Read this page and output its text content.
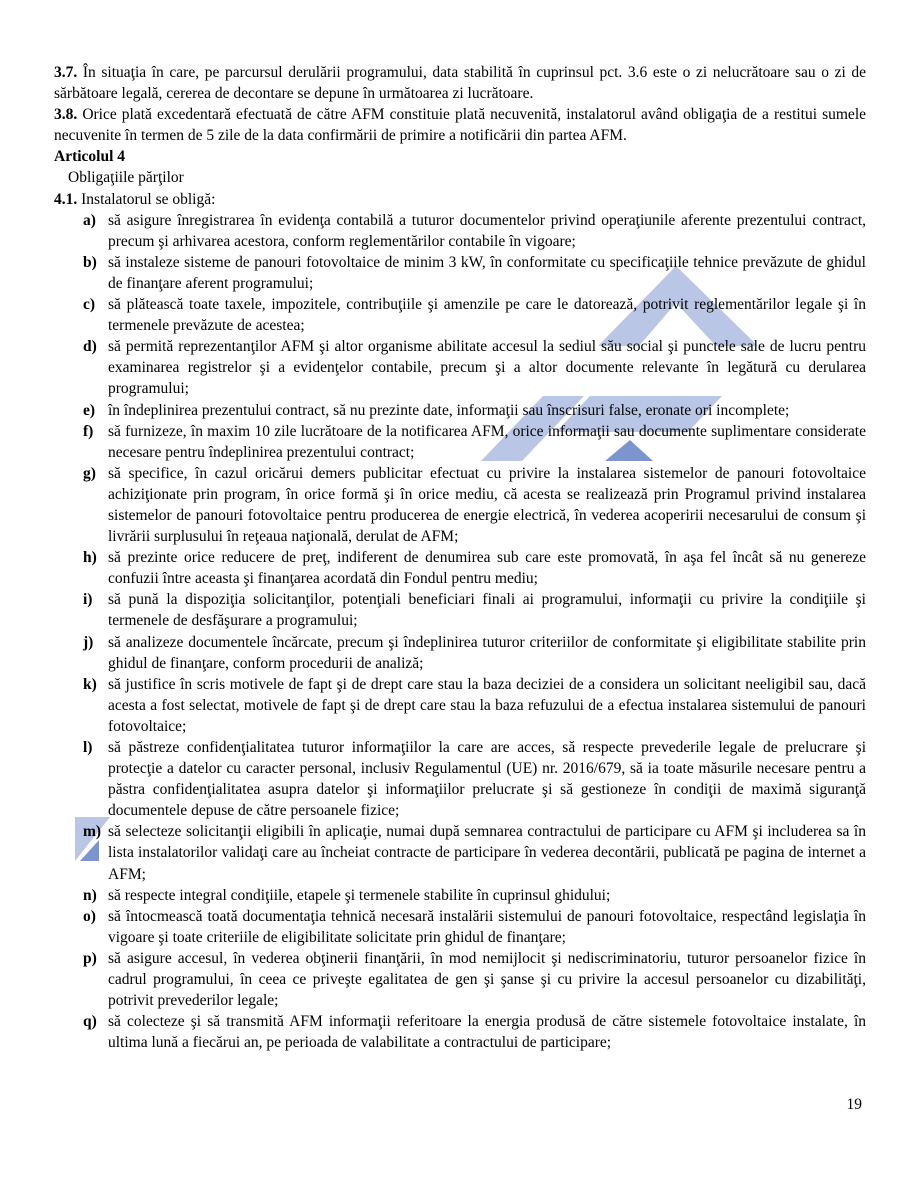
3.7. În situaţia în care, pe parcursul derulării programului, data stabilită în cuprinsul pct. 3.6 este o zi nelucrătoare sau o zi de sărbătoare legală, cererea de decontare se depune în următoarea zi lucrătoare.

3.8. Orice plată excedentară efectuată de către AFM constituie plată necuvenită, instalatorul având obligaţia de a restitui sumele necuvenite în termen de 5 zile de la data confirmării de primire a notificării din partea AFM.

Articolul 4

Obligaţiile părţilor

4.1. Instalatorul se obligă:

a) să asigure înregistrarea în evidenţa contabilă a tuturor documentelor privind operaţiunile aferente prezentului contract, precum şi arhivarea acestora, conform reglementărilor contabile în vigoare;
b) să instaleze sisteme de panouri fotovoltaice de minim 3 kW, în conformitate cu specificaţiile tehnice prevăzute de ghidul de finanţare aferent programului;
c) să plătească toate taxele, impozitele, contribuţiile şi amenzile pe care le datorează, potrivit reglementărilor legale şi în termenele prevăzute de acestea;
d) să permită reprezentanţilor AFM şi altor organisme abilitate accesul la sediul său social şi punctele sale de lucru pentru examinarea registrelor şi a evidenţelor contabile, precum şi a altor documente relevante în legătură cu derularea programului;
e) în îndeplinirea prezentului contract, să nu prezinte date, informaţii sau înscrisuri false, eronate ori incomplete;
f) să furnizeze, în maxim 10 zile lucrătoare de la notificarea AFM, orice informaţii sau documente suplimentare considerate necesare pentru îndeplinirea prezentului contract;
g) să specifice, în cazul oricărui demers publicitar efectuat cu privire la instalarea sistemelor de panouri fotovoltaice achiziţionate prin program, în orice formă şi în orice mediu, că acesta se realizează prin Programul privind instalarea sistemelor de panouri fotovoltaice pentru producerea de energie electrică, în vederea acoperirii necesarului de consum şi livrării surplusului în reţeaua naţională, derulat de AFM;
h) să prezinte orice reducere de preţ, indiferent de denumirea sub care este promovată, în aşa fel încât să nu genereze confuzii între aceasta şi finanţarea acordată din Fondul pentru mediu;
i) să pună la dispoziţia solicitanţilor, potenţiali beneficiari finali ai programului, informaţii cu privire la condiţiile şi termenele de desfăşurare a programului;
j) să analizeze documentele încărcate, precum şi îndeplinirea tuturor criteriilor de conformitate şi eligibilitate stabilite prin ghidul de finanţare, conform procedurii de analiză;
k) să justifice în scris motivele de fapt şi de drept care stau la baza deciziei de a considera un solicitant neeligibil sau, dacă acesta a fost selectat, motivele de fapt şi de drept care stau la baza refuzului de a efectua instalarea sistemului de panouri fotovoltaice;
l) să păstreze confidenţialitatea tuturor informaţiilor la care are acces, să respecte prevederile legale de prelucrare şi protecţie a datelor cu caracter personal, inclusiv Regulamentul (UE) nr. 2016/679, să ia toate măsurile necesare pentru a păstra confidenţialitatea asupra datelor şi informaţiilor prelucrate şi să gestioneze în condiţii de maximă siguranţă documentele depuse de către persoanele fizice;
m) să selecteze solicitanţii eligibili în aplicaţie, numai după semnarea contractului de participare cu AFM şi includerea sa în lista instalatorilor validaţi care au încheiat contracte de participare în vederea decontării, publicată pe pagina de internet a AFM;
n) să respecte integral condiţiile, etapele şi termenele stabilite în cuprinsul ghidului;
o) să întocmească toată documentaţia tehnică necesară instalării sistemului de panouri fotovoltaice, respectând legislaţia în vigoare şi toate criteriile de eligibilitate solicitate prin ghidul de finanţare;
p) să asigure accesul, în vederea obţinerii finanţării, în mod nemijlocit şi nediscriminatoriu, tuturor persoanelor fizice în cadrul programului, în ceea ce priveşte egalitatea de gen şi şanse şi cu privire la accesul persoanelor cu dizabilităţi, potrivit prevederilor legale;
q) să colecteze şi să transmită AFM informaţii referitoare la energia produsă de către sistemele fotovoltaice instalate, în ultima lună a fiecărui an, pe perioada de valabilitate a contractului de participare;
19
